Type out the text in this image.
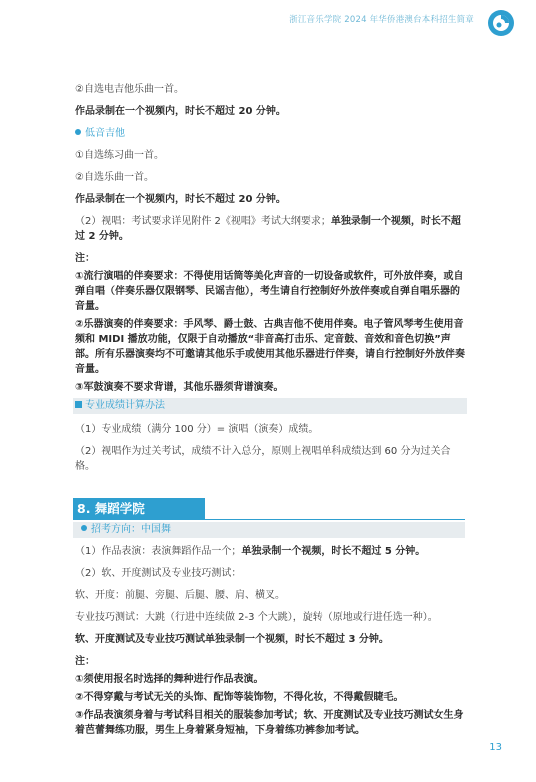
浙江音乐学院 2024 年华侨港澳台本科招生简章

②自选电吉他乐曲一首。

作品录制在一个视频内，时长不超过 20 分钟。

低音吉他

①自选练习曲一首。

②自选乐曲一首。

作品录制在一个视频内，时长不超过 20 分钟。

（2）视唱：考试要求详见附件 2《视唱》考试大纲要求；单独录制一个视频，时长不超过 2 分钟。

注：

①流行演唱的伴奏要求：不得使用话筒等美化声音的一切设备或软件，可外放伴奏，或自弹自唱（伴奏乐器仅限钢琴、民谣吉他），考生请自行控制好外放伴奏或自弹自唱乐器的音量。

②乐器演奏的伴奏要求：手风琴、爵士鼓、古典吉他不使用伴奏。电子管风琴考生使用音频和 MIDI 播放功能，仅限于自动播放“非音高打击乐、定音鼓、音效和音色切换”声部。所有乐器演奏均不可邀请其他乐手或使用其他乐器进行伴奏，请自行控制好外放伴奏音量。

③军鼓演奏不要求背谱，其他乐器须背谱演奏。

专业成绩计算办法

（1）专业成绩（满分 100 分）= 演唱（演奏）成绩。

（2）视唱作为过关考试，成绩不计入总分，原则上视唱单科成绩达到 60 分为过关合格。

8. 舞蹈学院
招考方向：中国舞

（1）作品表演：表演舞蹈作品一个；单独录制一个视频，时长不超过 5 分钟。

（2）软、开度测试及专业技巧测试：

软、开度：前腿、旁腿、后腿、腰、肩、横叉。

专业技巧测试：大跳（行进中连续做 2-3 个大跳），旋转（原地或行进任选一种）。

软、开度测试及专业技巧测试单独录制一个视频，时长不超过 3 分钟。

注：

①须使用报名时选择的舞种进行作品表演。

②不得穿戴与考试无关的头饰、配饰等装饰物，不得化妆，不得戴假睫毛。

③作品表演须身着与考试科目相关的服装参加考试；软、开度测试及专业技巧测试女生身着芭蕾舞练功服，男生上身着紧身短袖，下身着练功裤参加考试。

13
